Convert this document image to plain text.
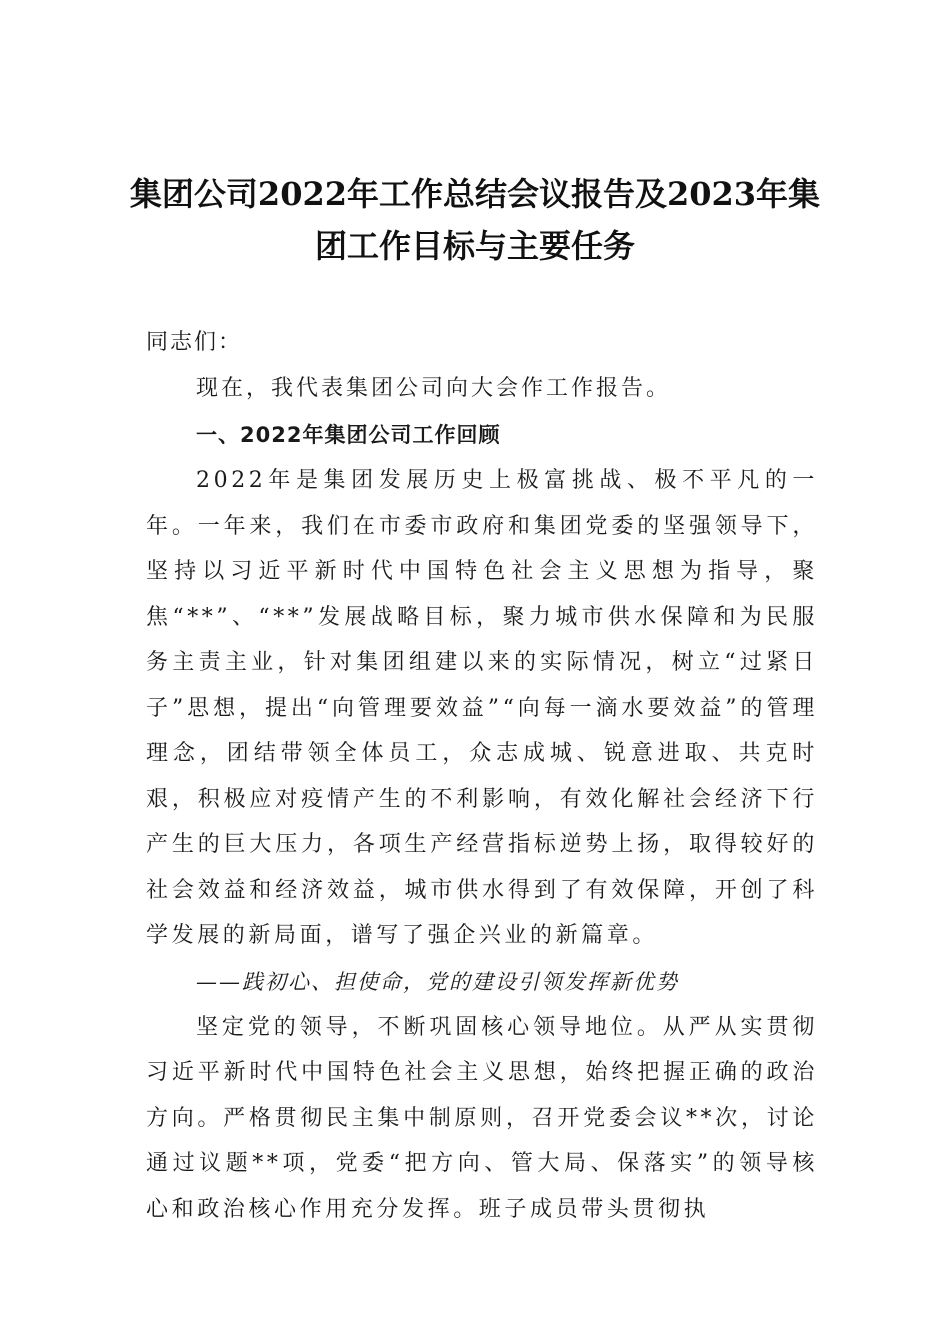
集团公司2022年工作总结会议报告及2023年集团工作目标与主要任务
同志们：

现在，我代表集团公司向大会作工作报告。

一、2022年集团公司工作回顾

2022年是集团发展历史上极富挑战、极不平凡的一年。一年来，我们在市委市政府和集团党委的坚强领导下，坚持以习近平新时代中国特色社会主义思想为指导，聚焦“**”、“**”发展战略目标，聚力城市供水保障和为民服务主责主业，针对集团组建以来的实际情况，树立“过紧日子”思想，提出“向管理要效益”“向每一滴水要效益”的管理理念，团结带领全体员工，众志成城、锐意进取、共克时艰，积极应对疫情产生的不利影响，有效化解社会经济下行产生的巨大压力，各项生产经营指标逆势上扬，取得较好的社会效益和经济效益，城市供水得到了有效保障，开创了科学发展的新局面，谱写了强企兴业的新篇章。

——践初心、担使命，党的建设引领发挥新优势

坚定党的领导，不断巩固核心领导地位。从严从实贯彻习近平新时代中国特色社会主义思想，始终把握正确的政治方向。严格贯彻民主集中制原则，召开党委会议**次，讨论通过议题**项，党委“把方向、管大局、保落实”的领导核心和政治核心作用充分发挥。班子成员带头贯彻执
